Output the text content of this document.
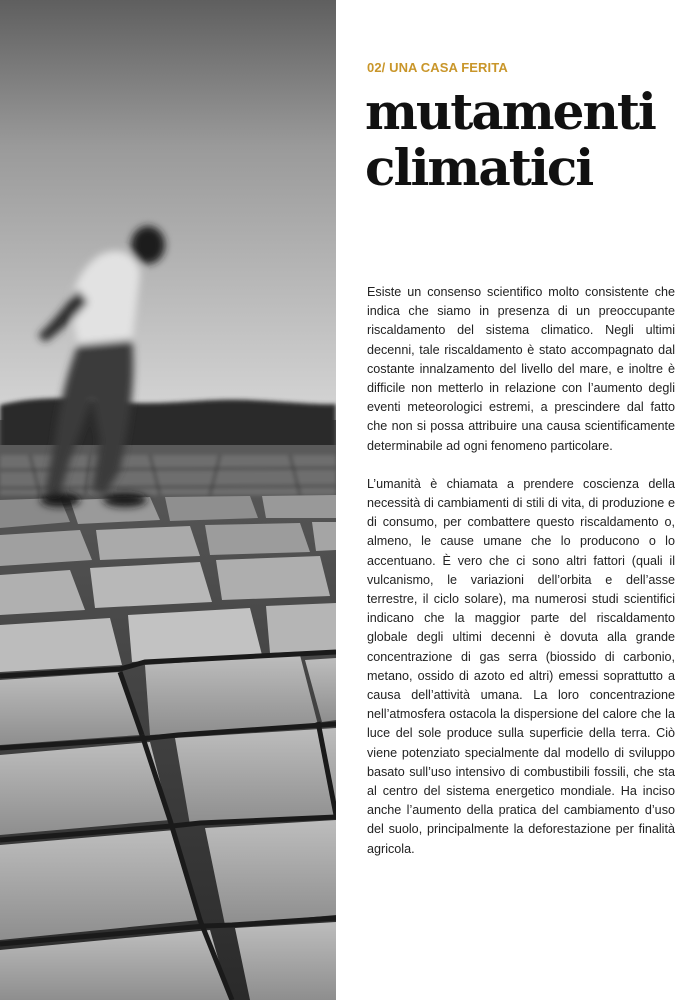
02/ UNA CASA FERITA

mutamenti
climatici

Esiste un consenso scientifico molto consistente che indica che siamo in presenza di un preoccupante riscaldamento del sistema climatico. Negli ultimi decenni, tale riscaldamento è stato accompagnato dal costante innalzamento del livello del mare, e inoltre è difficile non metterlo in relazione con l’aumento degli eventi meteorologici estremi, a prescindere dal fatto che non si possa attribuire una causa scientificamente determinabile ad ogni fenomeno particolare.

L’umanità è chiamata a prendere coscienza della necessità di cambiamenti di stili di vita, di produzione e di consumo, per combattere questo riscaldamento o, almeno, le cause umane che lo producono o lo accentuano. È vero che ci sono altri fattori (quali il vulcanismo, le variazioni dell’orbita e dell’asse terrestre, il ciclo solare), ma numerosi studi scientifici indicano che la maggior parte del riscaldamento globale degli ultimi decenni è dovuta alla grande concentrazione di gas serra (biossido di carbonio, metano, ossido di azoto ed altri) emessi soprattutto a causa dell’attività umana. La loro concentrazione nell’atmosfera ostacola la dispersione del calore che la luce del sole produce sulla superficie della terra. Ciò viene potenziato specialmente dal modello di sviluppo basato sull’uso intensivo di combustibili fossili, che sta al centro del sistema energetico mondiale. Ha inciso anche l’aumento della pratica del cambiamento d’uso del suolo, principalmente la deforestazione per finalità agricola.
